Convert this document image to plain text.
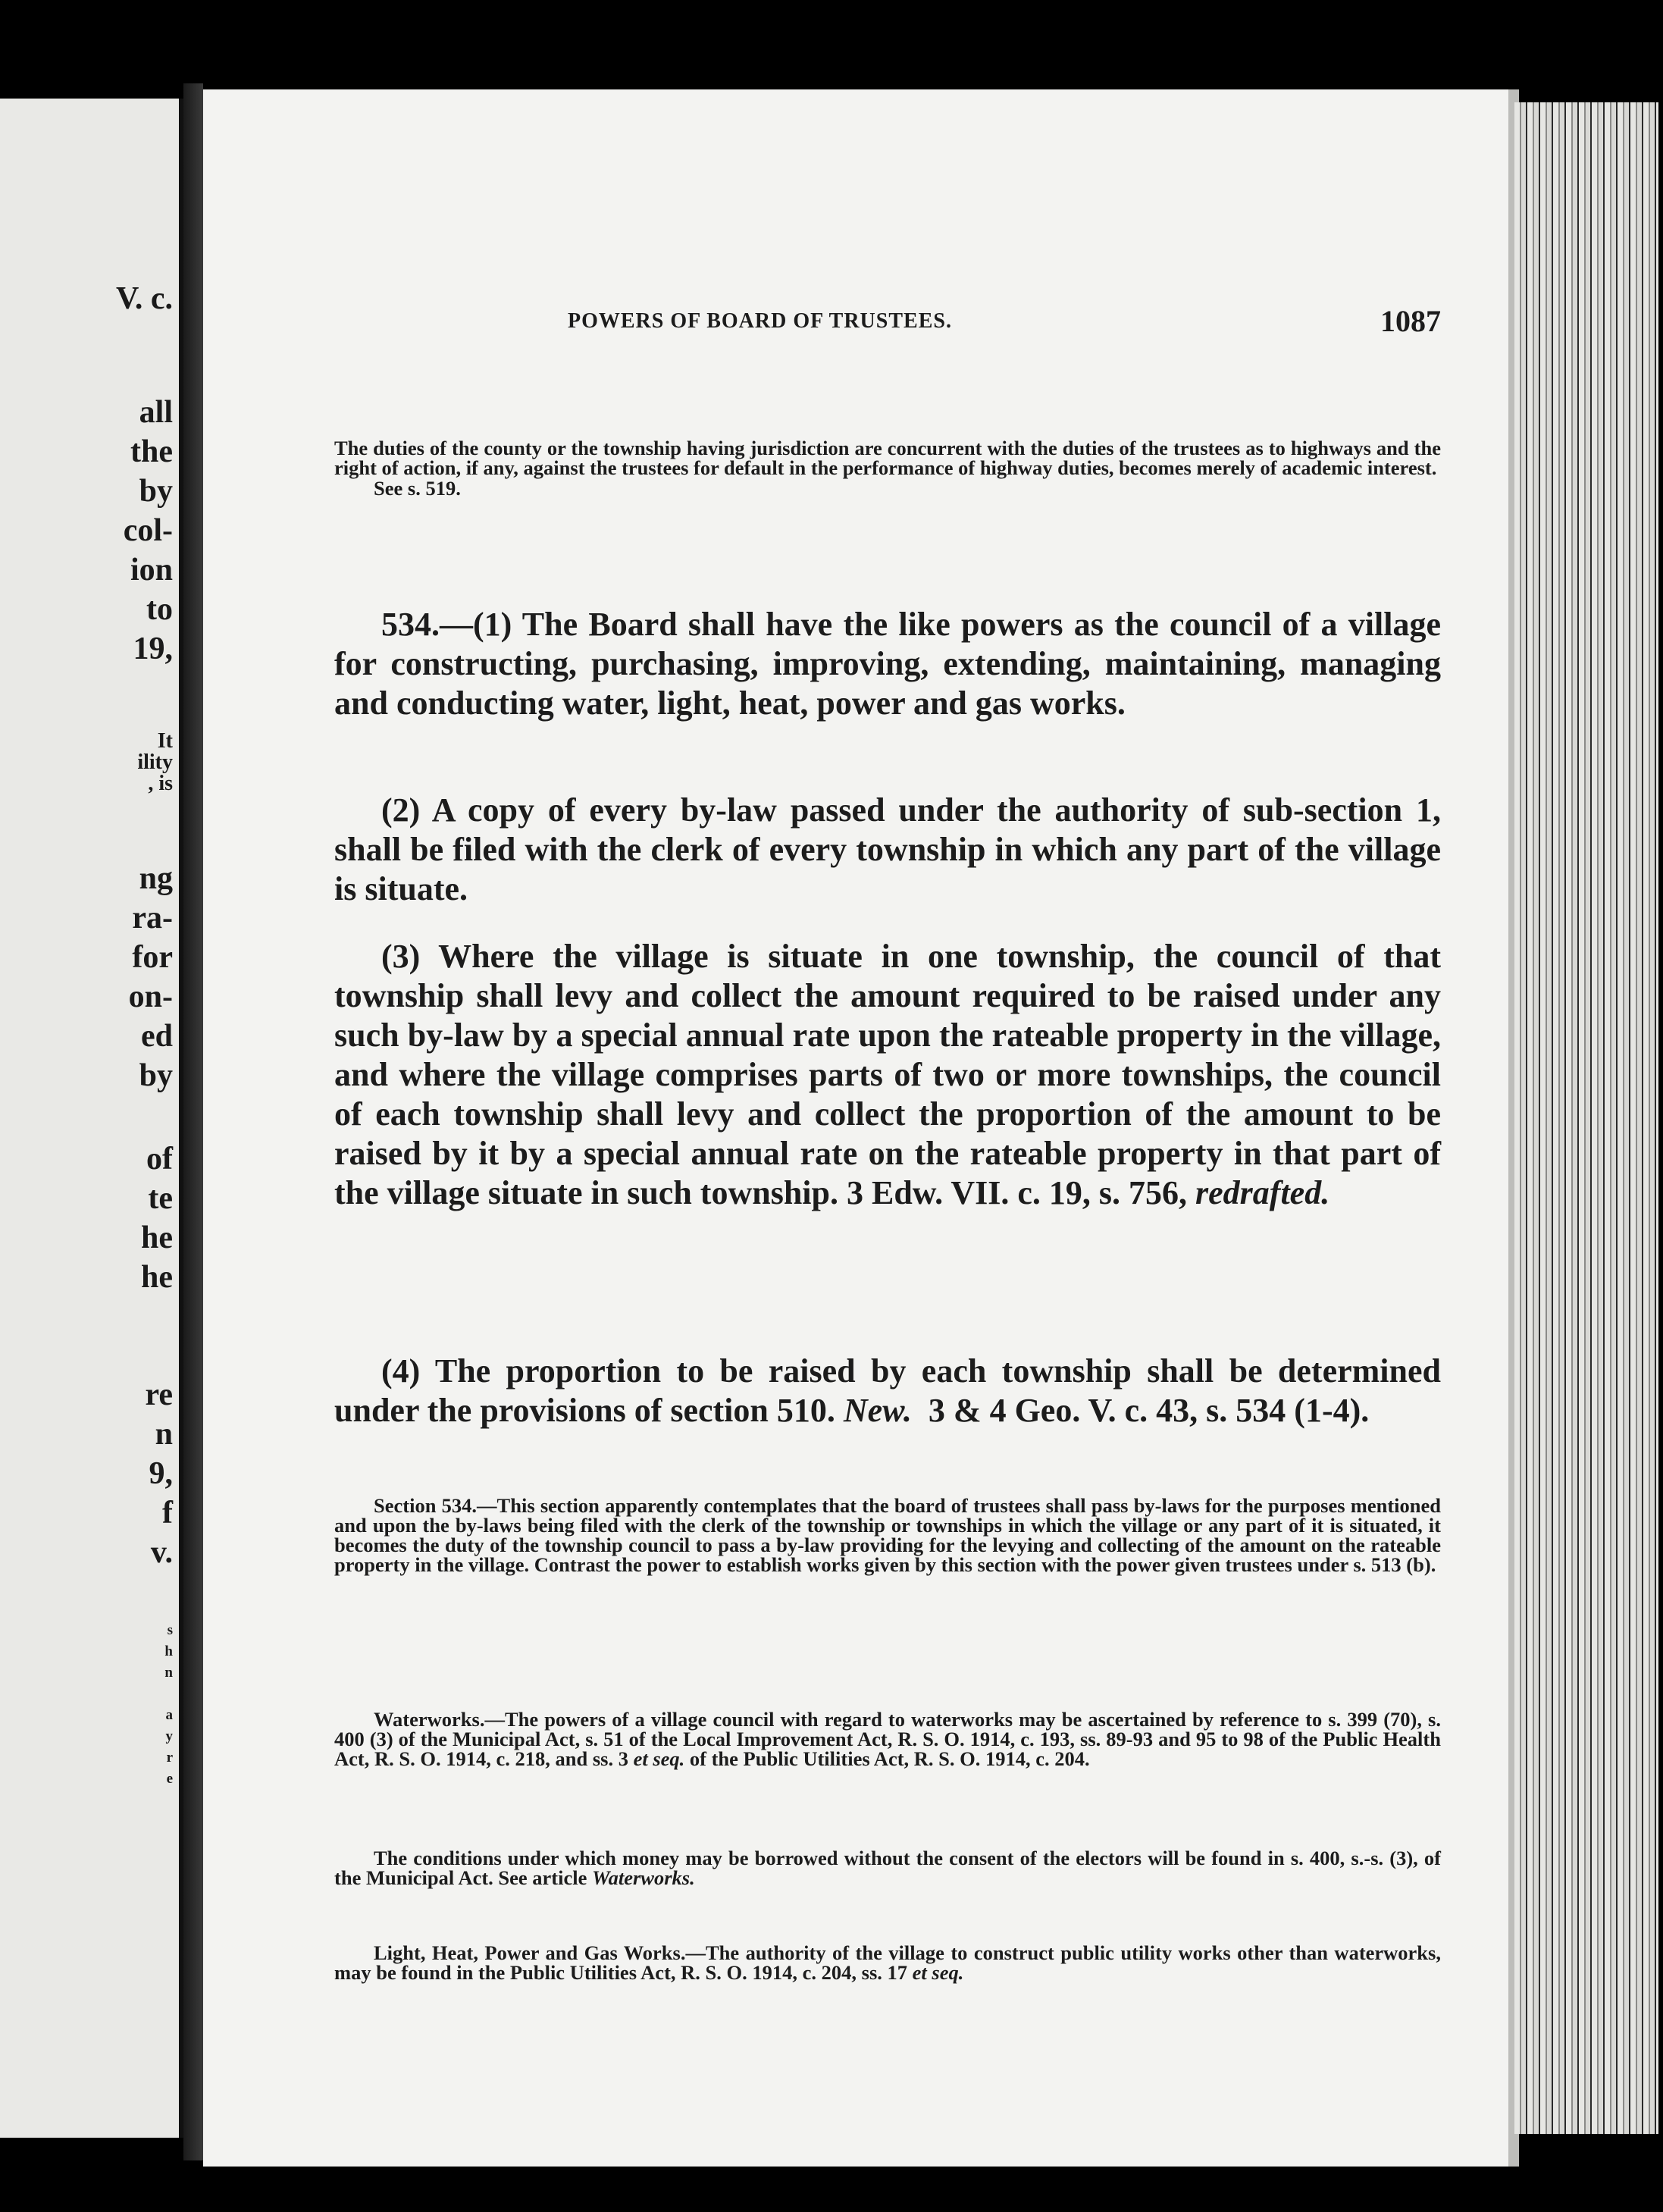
V. c.
all
the
by
col-
ion
to
19,
It
ility
, is
ng
ra-
for
on-
ed
by
of
te
he
he
re
n
9,
f
v.
s
h
n
a
y
r
e
POWERS OF BOARD OF TRUSTEES.	1087

The duties of the county or the township having jurisdiction are concurrent with the duties of the trustees as to highways and the right of action, if any, against the trustees for default in the performance of highway duties, becomes merely of academic interest.

See s. 519.

534.—(1) The Board shall have the like powers as the council of a village for constructing, purchasing, improving, extending, maintaining, managing and conducting water, light, heat, power and gas works.

(2) A copy of every by-law passed under the authority of sub-section 1, shall be filed with the clerk of every township in which any part of the village is situate.

(3) Where the village is situate in one township, the council of that township shall levy and collect the amount required to be raised under any such by-law by a special annual rate upon the rateable property in the village, and where the village comprises parts of two or more townships, the council of each township shall levy and collect the proportion of the amount to be raised by it by a special annual rate on the rateable property in that part of the village situate in such township. 3 Edw. VII. c. 19, s. 756, redrafted.

(4) The proportion to be raised by each township shall be determined under the provisions of section 510. New. 3 & 4 Geo. V. c. 43, s. 534 (1-4).

Section 534.—This section apparently contemplates that the board of trustees shall pass by-laws for the purposes mentioned and upon the by-laws being filed with the clerk of the township or townships in which the village or any part of it is situated, it becomes the duty of the township council to pass a by-law providing for the levying and collecting of the amount on the rateable property in the village. Contrast the power to establish works given by this section with the power given trustees under s. 513 (b).

Waterworks.—The powers of a village council with regard to waterworks may be ascertained by reference to s. 399 (70), s. 400 (3) of the Municipal Act, s. 51 of the Local Improvement Act, R. S. O. 1914, c. 193, ss. 89-93 and 95 to 98 of the Public Health Act, R. S. O. 1914, c. 218, and ss. 3 et seq. of the Public Utilities Act, R. S. O. 1914, c. 204.

The conditions under which money may be borrowed without the consent of the electors will be found in s. 400, s.-s. (3), of the Municipal Act. See article Waterworks.

Light, Heat, Power and Gas Works.—The authority of the village to construct public utility works other than waterworks, may be found in the Public Utilities Act, R. S. O. 1914, c. 204, ss. 17 et seq.
